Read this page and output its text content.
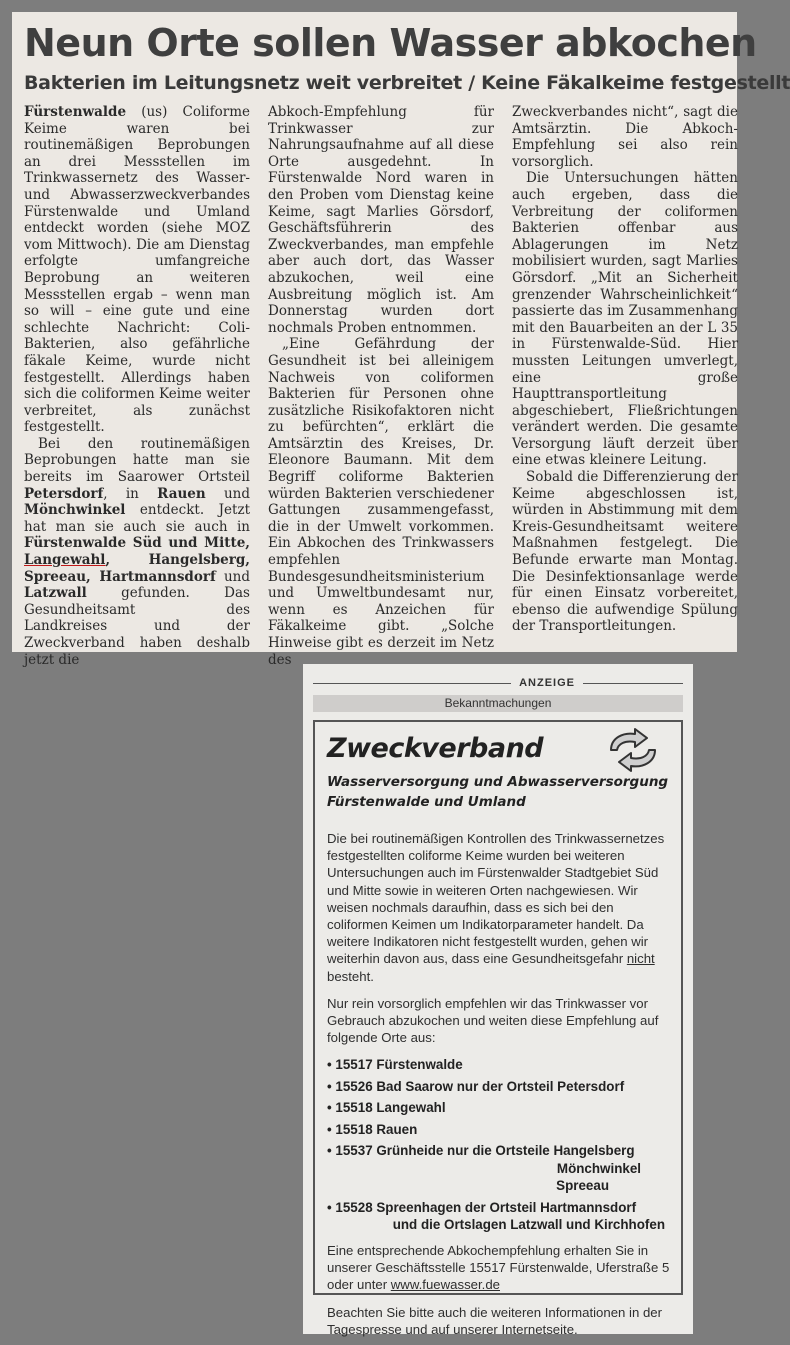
Neun Orte sollen Wasser abkochen
Bakterien im Leitungsnetz weit verbreitet / Keine Fäkalkeime festgestellt

Fürstenwalde (us) Coliforme Keime waren bei routinemäßigen Beprobungen an drei Messstellen im Trinkwassernetz des Wasser- und Abwasserzweckverbandes Fürstenwalde und Umland entdeckt worden (siehe MOZ vom Mittwoch). Die am Dienstag erfolgte umfangreiche Beprobung an weiteren Messstellen ergab – wenn man so will – eine gute und eine schlechte Nachricht: Coli-Bakterien, also gefährliche fäkale Keime, wurde nicht festgestellt. Allerdings haben sich die coliformen Keime weiter verbreitet, als zunächst festgestellt.

Bei den routinemäßigen Beprobungen hatte man sie bereits im Saarower Ortsteil Petersdorf, in Rauen und Mönchwinkel entdeckt. Jetzt hat man sie auch sie auch in Fürstenwalde Süd und Mitte, Langewahl, Hangelsberg, Spreeau, Hartmannsdorf und Latzwall gefunden. Das Gesundheitsamt des Landkreises und der Zweckverband haben deshalb jetzt die

Abkoch-Empfehlung für Trinkwasser zur Nahrungsaufnahme auf all diese Orte ausgedehnt. In Fürstenwalde Nord waren in den Proben vom Dienstag keine Keime, sagt Marlies Görsdorf, Geschäftsführerin des Zweckverbandes, man empfehle aber auch dort, das Wasser abzukochen, weil eine Ausbreitung möglich ist. Am Donnerstag wurden dort nochmals Proben entnommen.

„Eine Gefährdung der Gesundheit ist bei alleinigem Nachweis von coliformen Bakterien für Personen ohne zusätzliche Risikofaktoren nicht zu befürchten“, erklärt die Amtsärztin des Kreises, Dr. Eleonore Baumann. Mit dem Begriff coliforme Bakterien würden Bakterien verschiedener Gattungen zusammengefasst, die in der Umwelt vorkommen. Ein Abkochen des Trinkwassers empfehlen Bundesgesundheitsministerium und Umweltbundesamt nur, wenn es Anzeichen für Fäkalkeime gibt. „Solche Hinweise gibt es derzeit im Netz des

Zweckverbandes nicht“, sagt die Amtsärztin. Die Abkoch-Empfehlung sei also rein vorsorglich.

Die Untersuchungen hätten auch ergeben, dass die Verbreitung der coliformen Bakterien offenbar aus Ablagerungen im Netz mobilisiert wurden, sagt Marlies Görsdorf. „Mit an Sicherheit grenzender Wahrscheinlichkeit“ passierte das im Zusammenhang mit den Bauarbeiten an der L 35 in Fürstenwalde-Süd. Hier mussten Leitungen umverlegt, eine große Haupttransportleitung abgeschiebert, Fließrichtungen verändert werden. Die gesamte Versorgung läuft derzeit über eine etwas kleinere Leitung.

Sobald die Differenzierung der Keime abgeschlossen ist, würden in Abstimmung mit dem Kreis-Gesundheitsamt weitere Maßnahmen festgelegt. Die Befunde erwarte man Montag. Die Desinfektionsanlage werde für einen Einsatz vorbereitet, ebenso die aufwendige Spülung der Transportleitungen.

ANZEIGE
Bekanntmachungen
Zweckverband
Wasserversorgung und Abwasserversorgung
Fürstenwalde und Umland

Die bei routinemäßigen Kontrollen des Trinkwassernetzes festgestellten coliforme Keime wurden bei weiteren Untersuchungen auch im Fürstenwalder Stadtgebiet Süd und Mitte sowie in weiteren Orten nachgewiesen. Wir weisen nochmals daraufhin, dass es sich bei den coliformen Keimen um Indikatorparameter handelt. Da weitere Indikatoren nicht festgestellt wurden, gehen wir weiterhin davon aus, dass eine Gesundheitsgefahr nicht besteht.

Nur rein vorsorglich empfehlen wir das Trinkwasser vor Gebrauch abzukochen und weiten diese Empfehlung auf folgende Orte aus:

• 15517 Fürstenwalde
• 15526 Bad Saarow nur der Ortsteil Petersdorf
• 15518 Langewahl
• 15518 Rauen
• 15537 Grünheide nur die Ortsteile Hangelsberg
Mönchwinkel
Spreeau
• 15528 Spreenhagen der Ortsteil Hartmannsdorf
und die Ortslagen Latzwall und Kirchhofen

Eine entsprechende Abkochempfehlung erhalten Sie in unserer Geschäftsstelle 15517 Fürstenwalde, Uferstraße 5 oder unter www.fuewasser.de

Beachten Sie bitte auch die weiteren Informationen in der Tagespresse und auf unserer Internetseite.
